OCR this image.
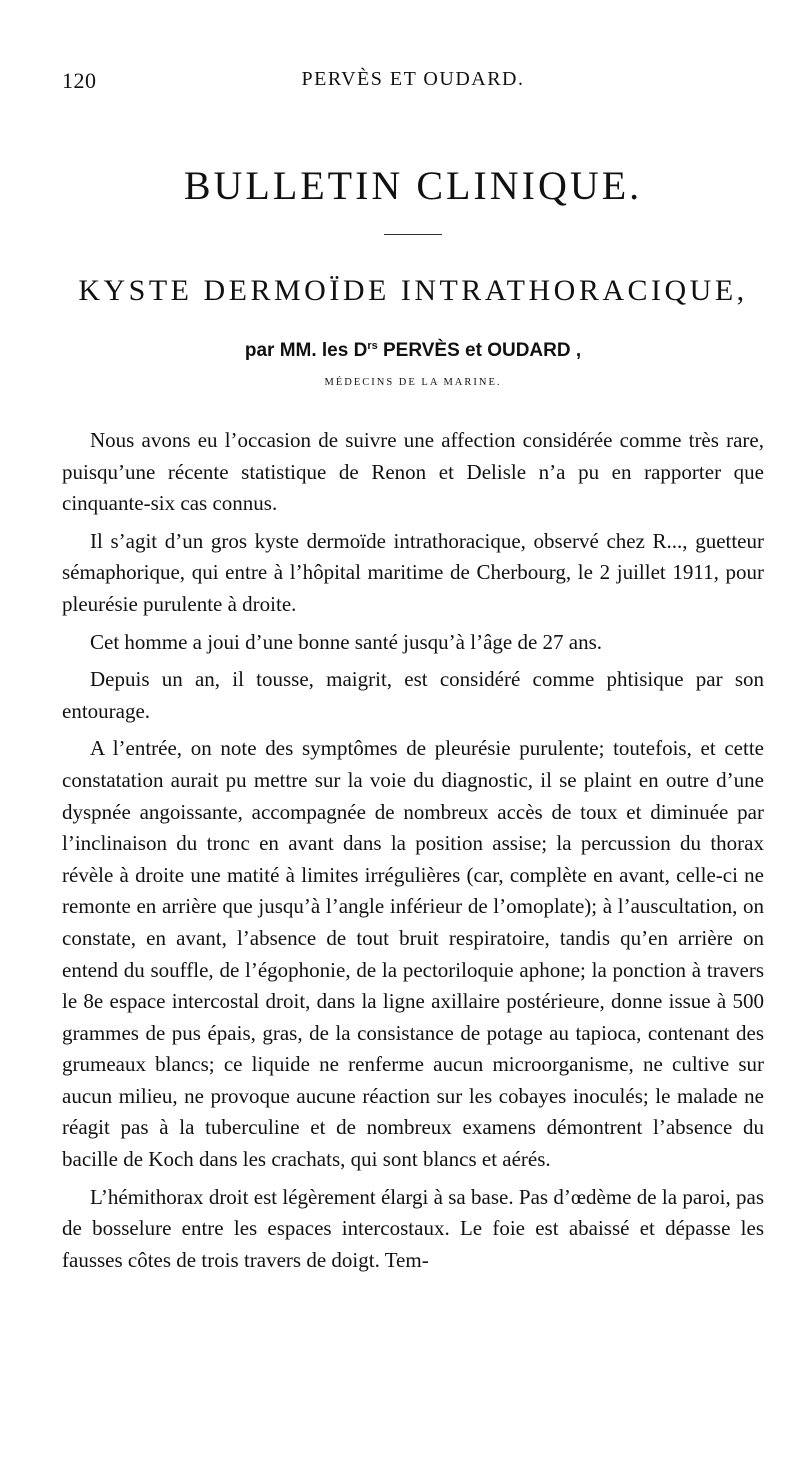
120	PERVÈS ET OUDARD.
BULLETIN CLINIQUE.
KYSTE DERMOÏDE INTRATHORACIQUE,
par MM. les $D^{rs}$ PERVÈS et OUDARD ,
MÉDECINS DE LA MARINE.

Nous avons eu l’occasion de suivre une affection considérée comme très rare, puisqu’une récente statistique de Renon et Delisle n’a pu en rapporter que cinquante-six cas connus.

Il s’agit d’un gros kyste dermoïde intrathoracique, observé chez R..., guetteur sémaphorique, qui entre à l’hôpital maritime de Cherbourg, le 2 juillet 1911, pour pleurésie purulente à droite.

Cet homme a joui d’une bonne santé jusqu’à l’âge de 27 ans.

Depuis un an, il tousse, maigrit, est considéré comme phtisique par son entourage.

A l’entrée, on note des symptômes de pleurésie purulente; toutefois, et cette constatation aurait pu mettre sur la voie du diagnostic, il se plaint en outre d’une dyspnée angoissante, accompagnée de nombreux accès de toux et diminuée par l’inclinaison du tronc en avant dans la position assise; la percussion du thorax révèle à droite une matité à limites irrégulières (car, complète en avant, celle-ci ne remonte en arrière que jusqu’à l’angle inférieur de l’omoplate); à l’auscultation, on constate, en avant, l’absence de tout bruit respiratoire, tandis qu’en arrière on entend du souffle, de l’égophonie, de la pectoriloquie aphone; la ponction à travers le 8e espace intercostal droit, dans la ligne axillaire postérieure, donne issue à 500 grammes de pus épais, gras, de la consistance de potage au tapioca, contenant des grumeaux blancs; ce liquide ne renferme aucun microorganisme, ne cultive sur aucun milieu, ne provoque aucune réaction sur les cobayes inoculés; le malade ne réagit pas à la tuberculine et de nombreux examens démontrent l’absence du bacille de Koch dans les crachats, qui sont blancs et aérés.

L’hémithorax droit est légèrement élargi à sa base. Pas d’œdème de la paroi, pas de bosselure entre les espaces intercostaux. Le foie est abaissé et dépasse les fausses côtes de trois travers de doigt. Tem-
